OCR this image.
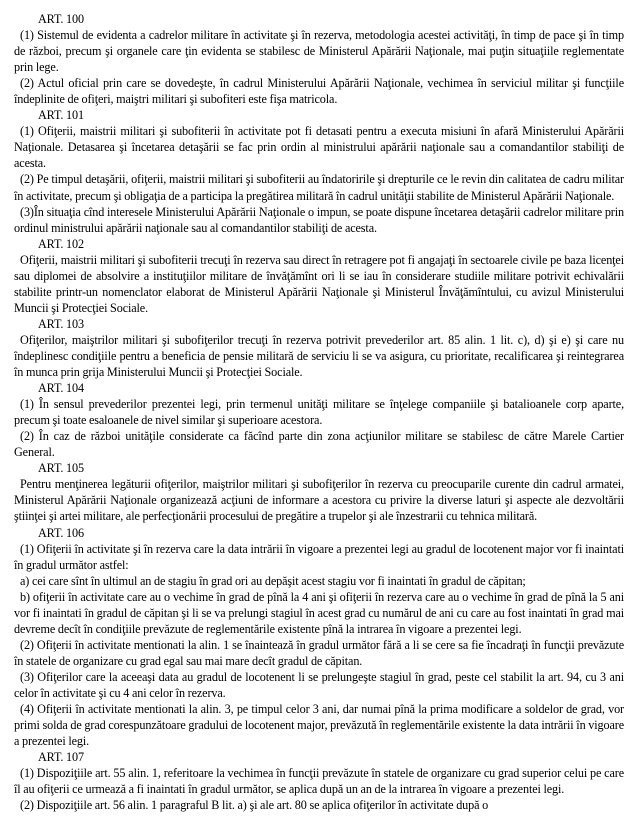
ART. 100

(1) Sistemul de evidenta a cadrelor militare în activitate şi în rezerva, metodologia acestei activităţi, în timp de pace şi în timp de război, precum şi organele care ţin evidenta se stabilesc de Ministerul Apărării Naţionale, mai puţin situaţiile reglementate prin lege.

(2) Actul oficial prin care se dovedeşte, în cadrul Ministerului Apărării Naţionale, vechimea în serviciul militar şi funcţiile îndeplinite de ofiţeri, maiştri militari şi subofiteri este fişa matricola.

ART. 101

(1) Ofiţerii, maistrii militari şi subofiterii în activitate pot fi detasati pentru a executa misiuni în afară Ministerului Apărării Naţionale. Detasarea şi încetarea detaşării se fac prin ordin al ministrului apărării naţionale sau a comandantilor stabiliţi de acesta.

(2) Pe timpul detaşării, ofiţerii, maistrii militari şi subofiterii au îndatoririle şi drepturile ce le revin din calitatea de cadru militar în activitate, precum şi obligaţia de a participa la pregătirea militară în cadrul unităţii stabilite de Ministerul Apărării Naţionale.

(3)În situaţia cînd interesele Ministerului Apărării Naţionale o impun, se poate dispune încetarea detaşării cadrelor militare prin ordinul ministrului apărării naţionale sau al comandantilor stabiliţi de acesta.

ART. 102

Ofiţerii, maistrii militari şi subofiterii trecuţi în rezerva sau direct în retragere pot fi angajaţi în sectoarele civile pe baza licenţei sau diplomei de absolvire a instituţiilor militare de învăţămînt ori li se iau în considerare studiile militare potrivit echivalării stabilite printr-un nomenclator elaborat de Ministerul Apărării Naţionale şi Ministerul Învăţămîntului, cu avizul Ministerului Muncii şi Protecţiei Sociale.

ART. 103

Ofiţerilor, maiştrilor militari şi subofiţerilor trecuţi în rezerva potrivit prevederilor art. 85 alin. 1 lit. c), d) şi e) şi care nu îndeplinesc condiţiile pentru a beneficia de pensie militară de serviciu li se va asigura, cu prioritate, recalificarea şi reintegrarea în munca prin grija Ministerului Muncii şi Protecţiei Sociale.

ART. 104

(1) În sensul prevederilor prezentei legi, prin termenul unităţi militare se înţelege companiile şi batalioanele corp aparte, precum şi toate esaloanele de nivel similar şi superioare acestora.

(2) În caz de război unităţile considerate ca făcînd parte din zona acţiunilor militare se stabilesc de către Marele Cartier General.

ART. 105

Pentru menţinerea legăturii ofiţerilor, maiştrilor militari şi subofiţerilor în rezerva cu preocuparile curente din cadrul armatei, Ministerul Apărării Naţionale organizează acţiuni de informare a acestora cu privire la diverse laturi şi aspecte ale dezvoltării ştiinţei şi artei militare, ale perfecţionării procesului de pregătire a trupelor şi ale înzestrarii cu tehnica militară.

ART. 106

(1) Ofiţerii în activitate şi în rezerva care la data intrării în vigoare a prezentei legi au gradul de locotenent major vor fi inaintati în gradul următor astfel:

a) cei care sînt în ultimul an de stagiu în grad ori au depăşit acest stagiu vor fi inaintati în gradul de căpitan;

b) ofiţerii în activitate care au o vechime în grad de pînă la 4 ani şi ofiţerii în rezerva care au o vechime în grad de pînă la 5 ani vor fi inaintati în gradul de căpitan şi li se va prelungi stagiul în acest grad cu numărul de ani cu care au fost inaintati în grad mai devreme decît în condiţiile prevăzute de reglementările existente pînă la intrarea în vigoare a prezentei legi.

(2) Ofiţerii în activitate mentionati la alin. 1 se înaintează în gradul următor fără a li se cere sa fie încadraţi în funcţii prevăzute în statele de organizare cu grad egal sau mai mare decît gradul de căpitan.

(3) Ofiţerilor care la aceeaşi data au gradul de locotenent li se prelungeşte stagiul în grad, peste cel stabilit la art. 94, cu 3 ani celor în activitate şi cu 4 ani celor în rezerva.

(4) Ofiţerii în activitate mentionati la alin. 3, pe timpul celor 3 ani, dar numai pînă la prima modificare a soldelor de grad, vor primi solda de grad corespunzătoare gradului de locotenent major, prevăzută în reglementările existente la data intrării în vigoare a prezentei legi.

ART. 107

(1) Dispoziţiile art. 55 alin. 1, referitoare la vechimea în funcţii prevăzute în statele de organizare cu grad superior celui pe care îl au ofiţerii ce urmează a fi inaintati în gradul următor, se aplica după un an de la intrarea în vigoare a prezentei legi.

(2) Dispoziţiile art. 56 alin. 1 paragraful B lit. a) şi ale art. 80 se aplica ofiţerilor în activitate după o
